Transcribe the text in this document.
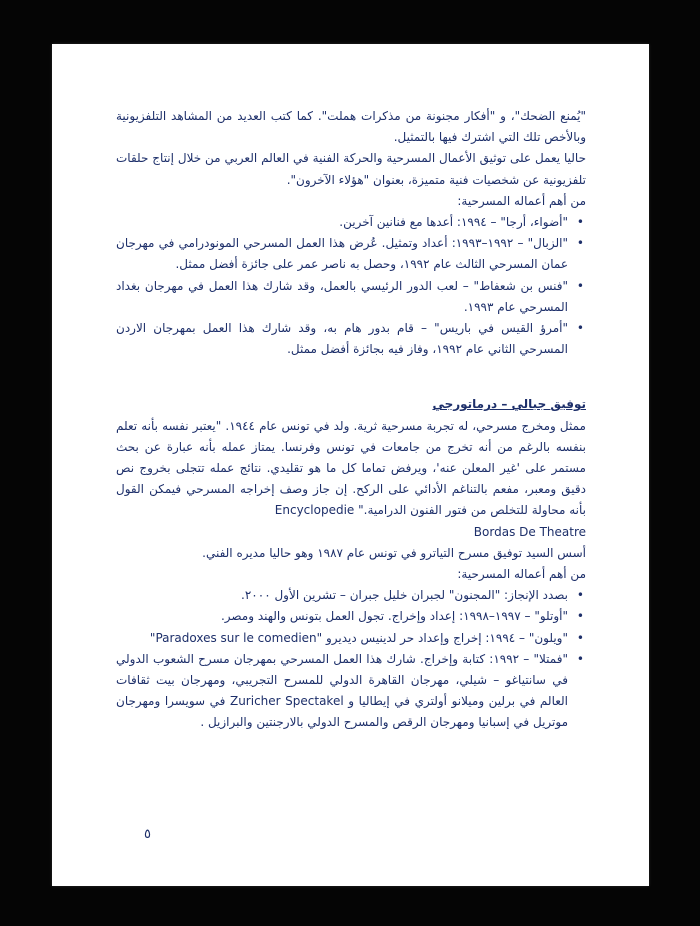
"يُمنع الضحك"، و "أفكار مجنونة من مذكرات هملت". كما كتب العديد من المشاهد التلفزيونية وبالأخص تلك التي اشترك فيها بالتمثيل.

حاليا يعمل على توثيق الأعمال المسرحية والحركة الفنية في العالم العربي من خلال إنتاج حلقات تلفزيونية عن شخصيات فنية متميزة، بعنوان "هؤلاء الآخرون".

من أهم أعماله المسرحية:

• "أضواء، أرجا" – ١٩٩٤: أعدها مع فنانين آخرين.
• "الزبال" – ١٩٩٢–١٩٩٣: أعداد وتمثيل. عُرض هذا العمل المسرحي المونودرامي في مهرجان عمان المسرحي الثالث عام ١٩٩٢، وحصل به ناصر عمر على جائزة أفضل ممثل.
• "فنس بن شعفاط" – لعب الدور الرئيسي بالعمل، وقد شارك هذا العمل في مهرجان بغداد المسرحي عام ١٩٩٣.
• "أمرؤ القيس في باريس" – قام بدور هام به، وقد شارك هذا العمل بمهرجان الاردن المسرحي الثاني عام ١٩٩٢، وفاز فيه بجائزة أفضل ممثل.

توفيق جبالي – درماتورجي

ممثل ومخرج مسرحي، له تجربة مسرحية ثرية. ولد في تونس عام ١٩٤٤. "يعتبر نفسه بأنه تعلم بنفسه بالرغم من أنه تخرج من جامعات في تونس وفرنسا. يمتاز عمله بأنه عبارة عن بحث مستمر على 'غير المعلن عنه'، ويرفض تماما كل ما هو تقليدي. نتائج عمله تتجلى بخروج نص دقيق ومعبر، مفعم بالتناغم الأدائي على الركح. إن جاز وصف إخراجه المسرحي فيمكن القول بأنه محاولة للتخلص من فتور الفنون الدرامية." Encyclopedie

Bordas De Theatre

أسس السيد توفيق مسرح التياترو في تونس عام ١٩٨٧ وهو حاليا مديره الفني.

من أهم أعماله المسرحية:

• بصدد الإنجاز: "المجنون" لجبران خليل جبران – تشرين الأول ٢٠٠٠.
• "أوتلو" – ١٩٩٧–١٩٩٨: إعداد وإخراج. تجول العمل بتونس والهند ومصر.
• "ويلون" – ١٩٩٤: إخراج وإعداد حر لدينيس ديديرو "Paradoxes sur le comedien"
• "فمتلا" – ١٩٩٢: كتابة وإخراج. شارك هذا العمل المسرحي بمهرجان مسرح الشعوب الدولي في سانتياغو – شيلي، مهرجان القاهرة الدولي للمسرح التجريبي، ومهرجان بيت ثقافات العالم في برلين وميلانو أولتري في إيطاليا و Zuricher Spectakel في سويسرا ومهرجان موتريل في إسبانيا ومهرجان الرقص والمسرح الدولي بالارجنتين والبرازيل .
٥
